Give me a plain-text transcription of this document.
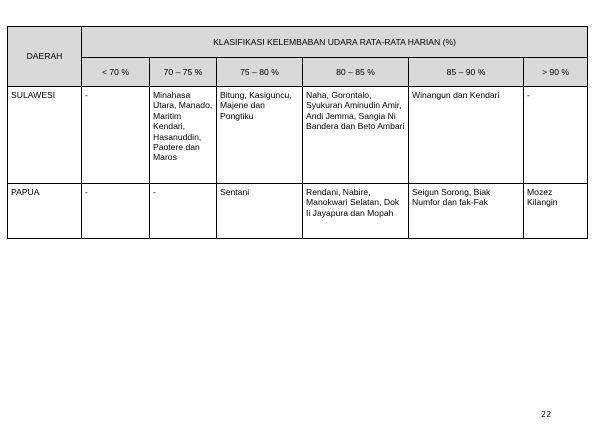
DAERAH	KLASIFIKASI KELEMBABAN UDARA RATA-RATA HARIAN (%)					
	< 70 %	70 – 75 %	75 – 80 %	80 – 85 %	85 – 90 %	> 90 %
SULAWESI	-	Minahasa Utara, Manado, Maritim Kendari, Hasanuddin, Paotere dan Maros	Bitung, Kasiguncu, Majene dan Pongtiku	Naha, Gorontalo, Syukuran Aminudin Amir, Andi Jemma, Sangia Ni Bandera dan Beto Ambari	Winangun dan Kendari	-
PAPUA	-	-	Sentani	Rendani, Nabire, Manokwari Selatan, Dok Ii Jayapura dan Mopah	Seigun Sorong, Biak Numfor dan fak-Fak	Mozez Kilangin
22
